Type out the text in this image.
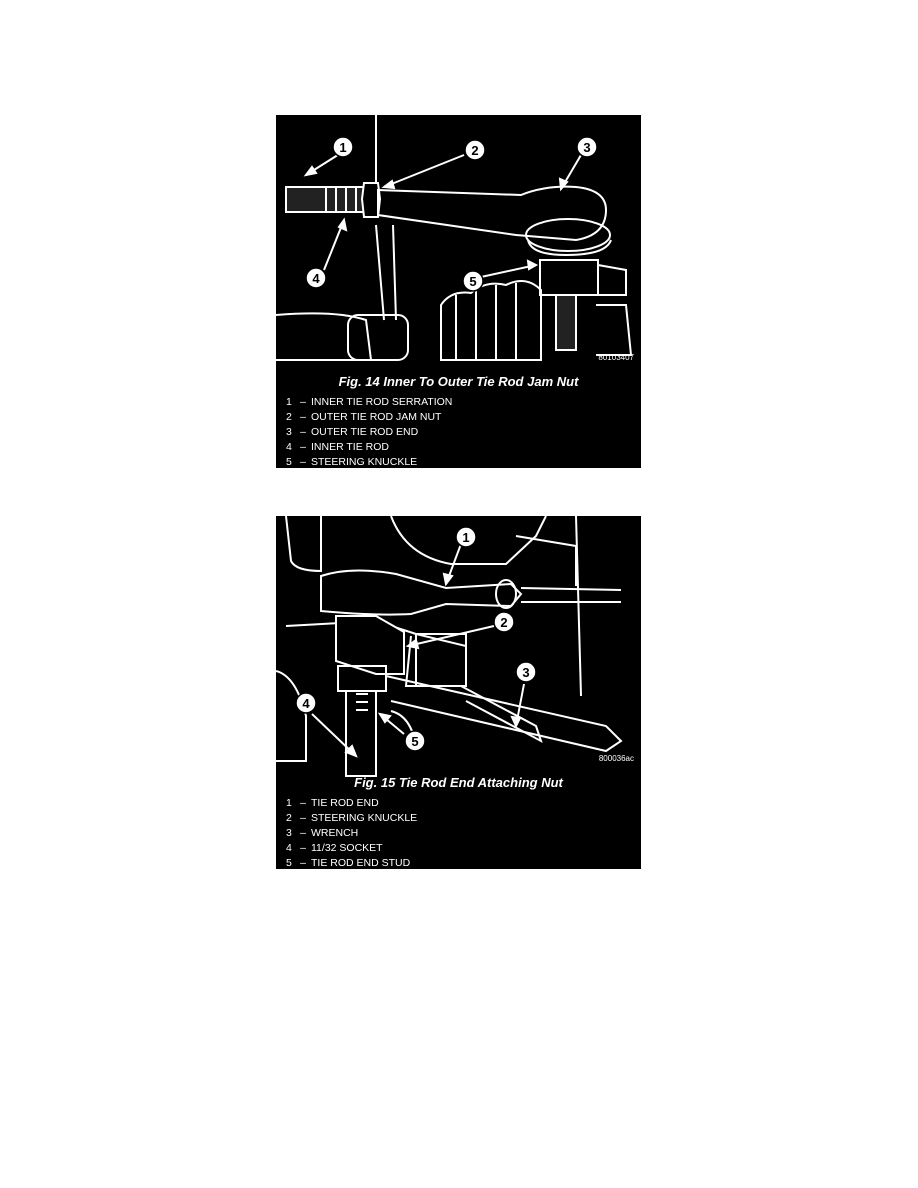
1	2	3
4	5
80103407
Fig. 14 Inner To Outer Tie Rod Jam Nut
1 – INNER TIE ROD SERRATION
2 – OUTER TIE ROD JAM NUT
3 – OUTER TIE ROD END
4 – INNER TIE ROD
5 – STEERING KNUCKLE
1
2
3
4
5
800036ac
Fig. 15 Tie Rod End Attaching Nut
1 – TIE ROD END
2 – STEERING KNUCKLE
3 – WRENCH
4 – 11/32 SOCKET
5 – TIE ROD END STUD
